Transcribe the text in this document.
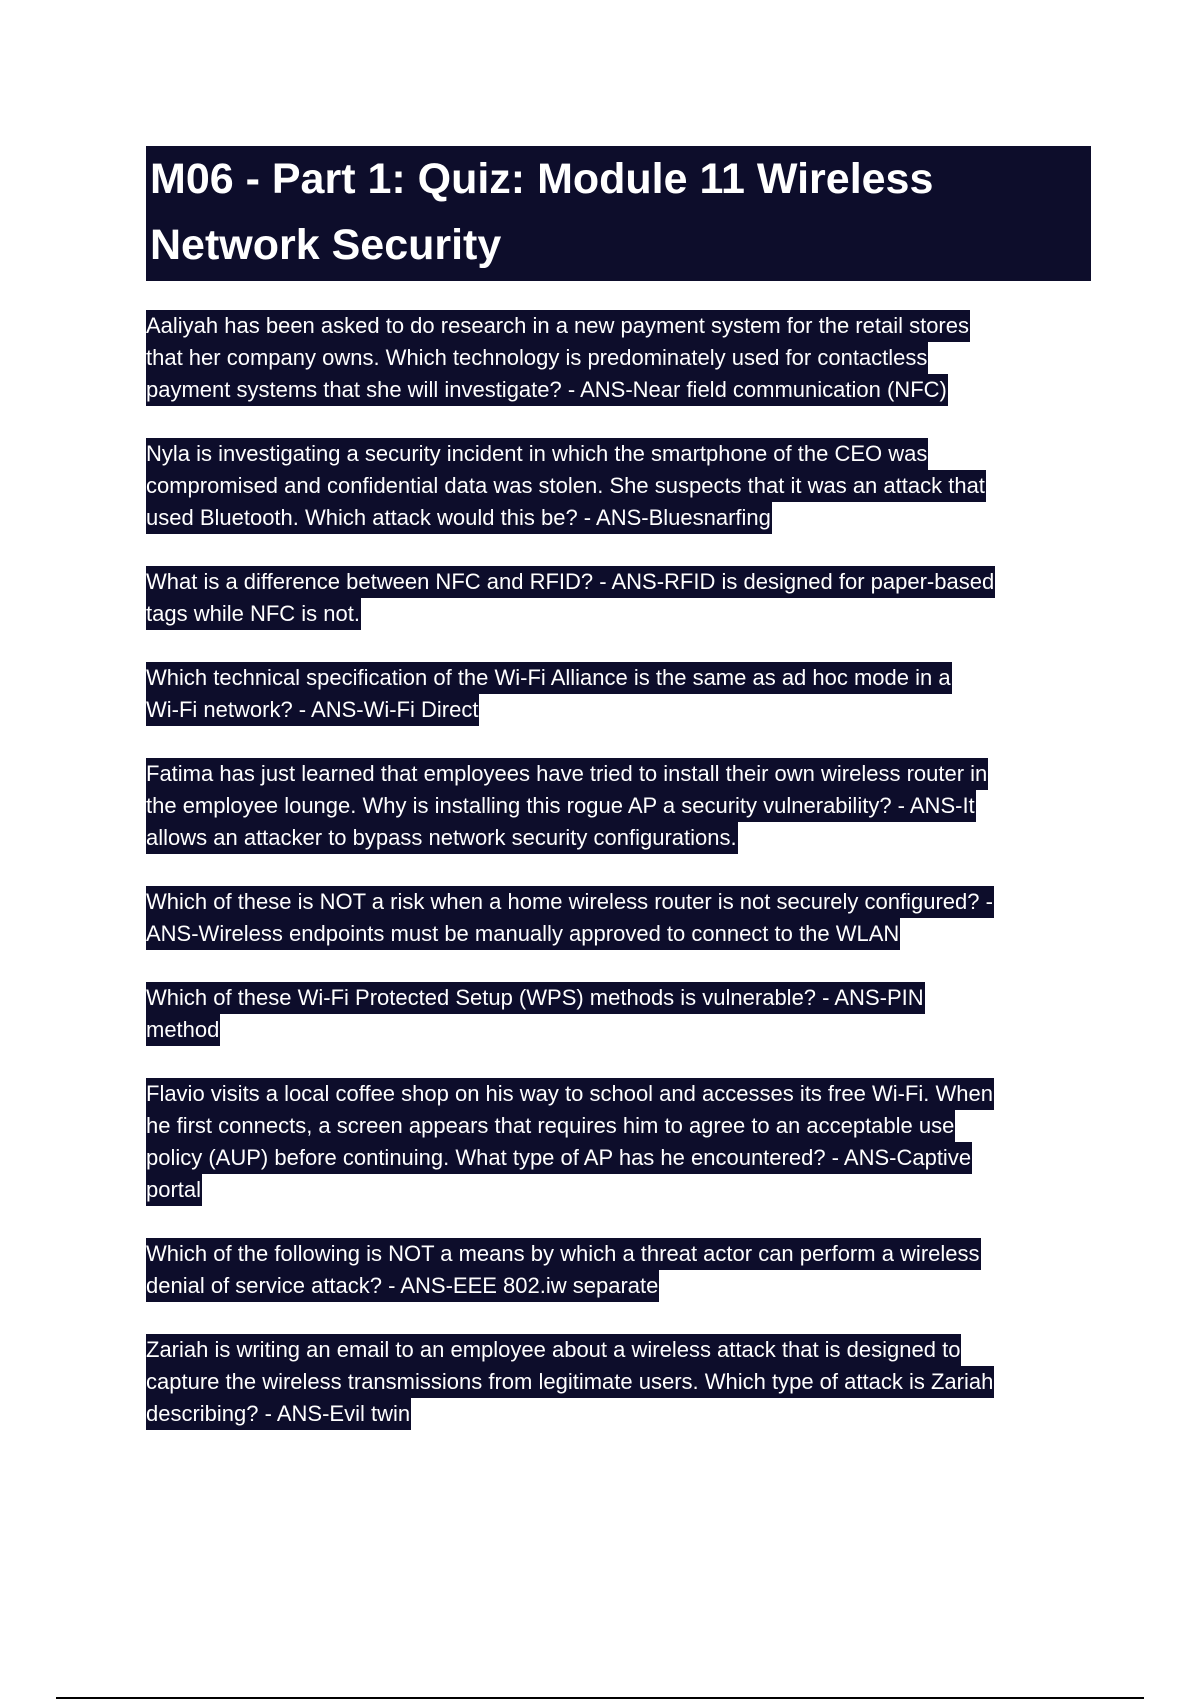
M06 - Part 1: Quiz: Module 11 Wireless
Network Security
Aaliyah has been asked to do research in a new payment system for the retail stores
that her company owns. Which technology is predominately used for contactless
payment systems that she will investigate? - ANS-Near field communication (NFC)
Nyla is investigating a security incident in which the smartphone of the CEO was
compromised and confidential data was stolen. She suspects that it was an attack that
used Bluetooth. Which attack would this be? - ANS-Bluesnarfing
What is a difference between NFC and RFID? - ANS-RFID is designed for paper-based
tags while NFC is not.
Which technical specification of the Wi-Fi Alliance is the same as ad hoc mode in a
Wi-Fi network? - ANS-Wi-Fi Direct
Fatima has just learned that employees have tried to install their own wireless router in
the employee lounge. Why is installing this rogue AP a security vulnerability? - ANS-It
allows an attacker to bypass network security configurations.
Which of these is NOT a risk when a home wireless router is not securely configured? -
ANS-Wireless endpoints must be manually approved to connect to the WLAN
Which of these Wi-Fi Protected Setup (WPS) methods is vulnerable? - ANS-PIN
method
Flavio visits a local coffee shop on his way to school and accesses its free Wi-Fi. When
he first connects, a screen appears that requires him to agree to an acceptable use
policy (AUP) before continuing. What type of AP has he encountered? - ANS-Captive
portal
Which of the following is NOT a means by which a threat actor can perform a wireless
denial of service attack? - ANS-EEE 802.iw separate
Zariah is writing an email to an employee about a wireless attack that is designed to
capture the wireless transmissions from legitimate users. Which type of attack is Zariah
describing? - ANS-Evil twin
